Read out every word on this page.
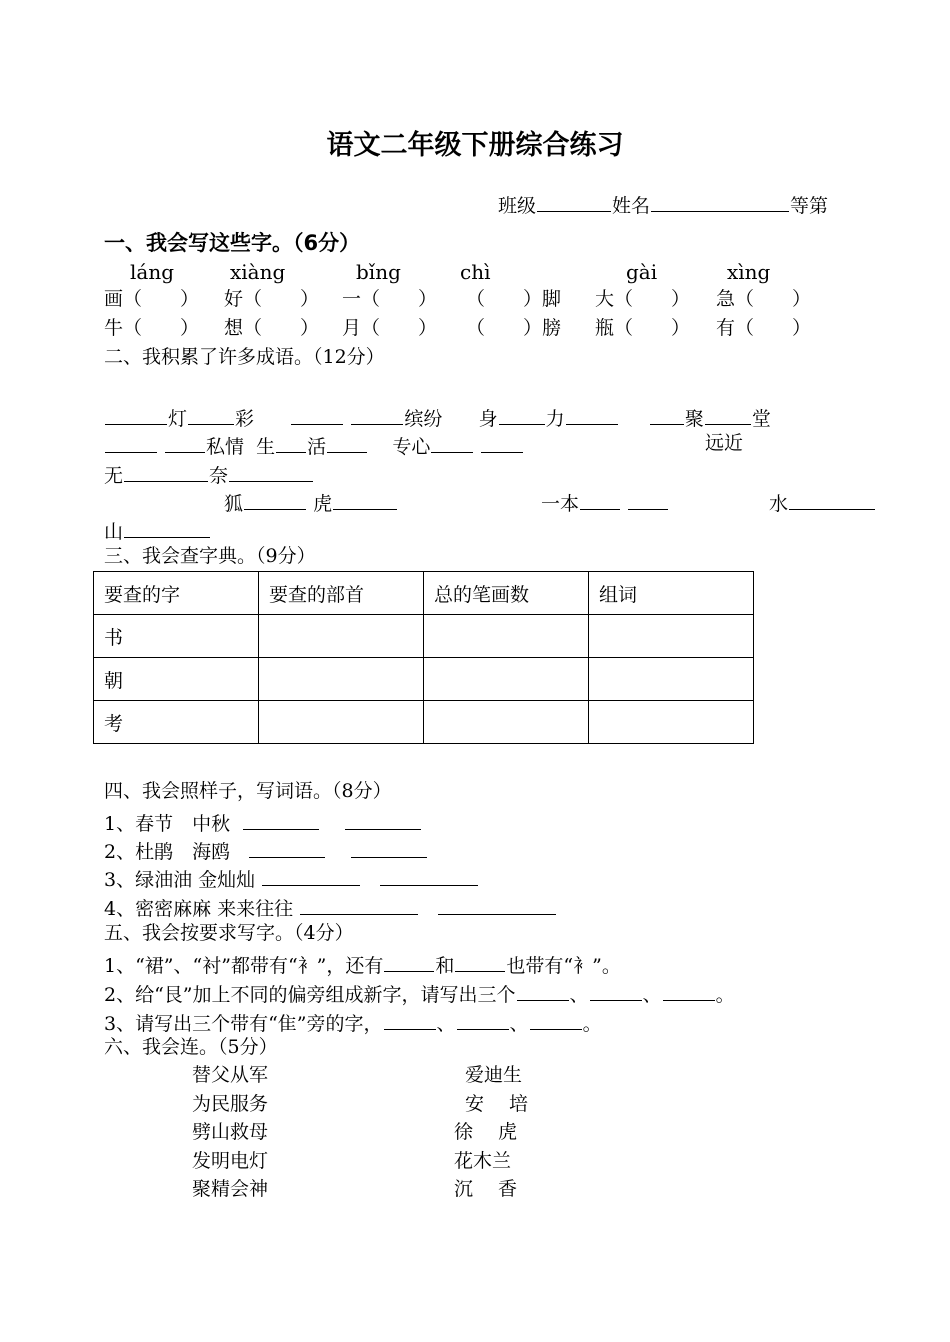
语文二年级下册综合练习
班级	姓名	等第
一、我会写这些字。（6分）
láng	xiàng	bǐng	chì	gài	xìng
画（　　） 好（　　） 一（　　） （　　）脚 大（　　） 急（　　）
牛（　　） 想（　　） 月（　　） （　　）膀 瓶（　　） 有（　　）
二、我积累了许多成语。（12分）
灯	彩	缤纷 身	力	聚	堂
私情 生 活	专心	远近
无	奈
狐	虎	一本	水
山
三、我会查字典。（9分）
要查的字	要查的部首	总的笔画数	组词
书			
朝			
考			
四、我会照样子，写词语。（8分）
1、春节　中秋
2、杜鹃　海鸥
3、绿油油 金灿灿
4、密密麻麻 来来往往
五、我会按要求写字。（4分）
1、“裙”、“衬”都带有“衤”，还有	和	也带有“衤”。
2、给“艮”加上不同的偏旁组成新字，请写出三个	、	、	。
3、请写出三个带有“隹”旁的字，	、	、	。
六、我会连。（5分）
替父从军
为民服务
劈山救母
发明电灯
聚精会神
爱迪生
安　 培
徐　 虎
花木兰
沉　 香
